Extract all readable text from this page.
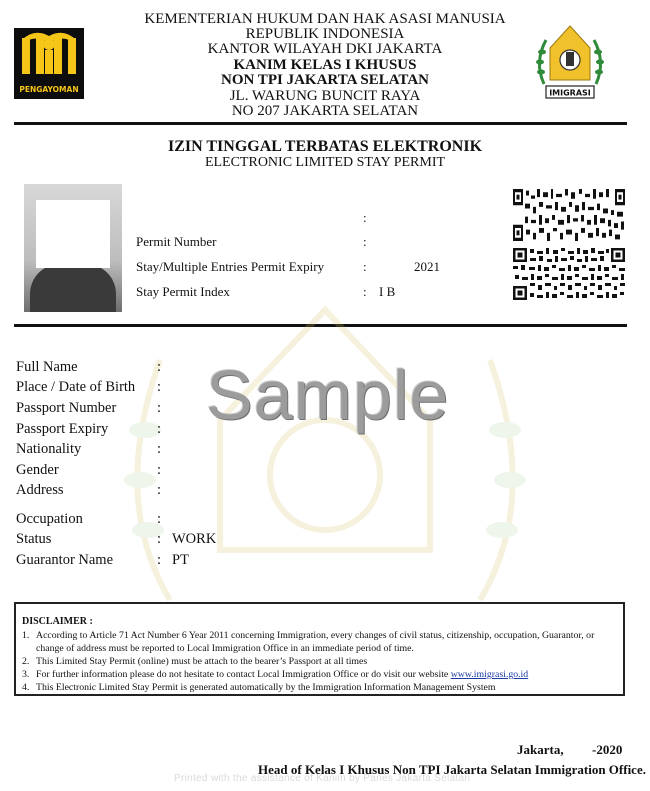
KEMENTERIAN HUKUM DAN HAK ASASI MANUSIA
REPUBLIK INDONESIA
KANTOR WILAYAH DKI JAKARTA
KANIM KELAS I KHUSUS
NON TPI JAKARTA SELATAN
JL. WARUNG BUNCIT RAYA
NO 207 JAKARTA SELATAN
PENGAYOMAN	IMIGRASI
IZIN TINGGAL TERBATAS ELEKTRONIK
ELECTRONIC LIMITED STAY PERMIT
:
Permit Number	:
Stay/Multiple Entries Permit Expiry	:	2021
Stay Permit Index	: I B
Full Name	:
Place / Date of Birth :
Passport Number	:
Passport Expiry	:
Nationality	:
Gender	:
Address	:
Occupation	:
Status	: WORK
Guarantor Name	: PT
Sample
DISCLAIMER :
1. According to Article 71 Act Number 6 Year 2011 concerning Immigration, every changes of civil status, citizenship, occupation, Guarantor, or change of address must be reported to Local Immigration Office in an immediate period of time.
2. This Limited Stay Permit (online) must be attach to the bearer’s Passport at all times
3. For further information please do not hesitate to contact Local Immigration Office or do visit our website www.imigrasi.go.id
4. This Electronic Limited Stay Permit is generated automatically by the Immigration Information Management System
Jakarta, -2020
Head of Kelas I Khusus Non TPI Jakarta Selatan Immigration Office.
Printed with the assistance of Kanim by Panes Jakarta Selatan
